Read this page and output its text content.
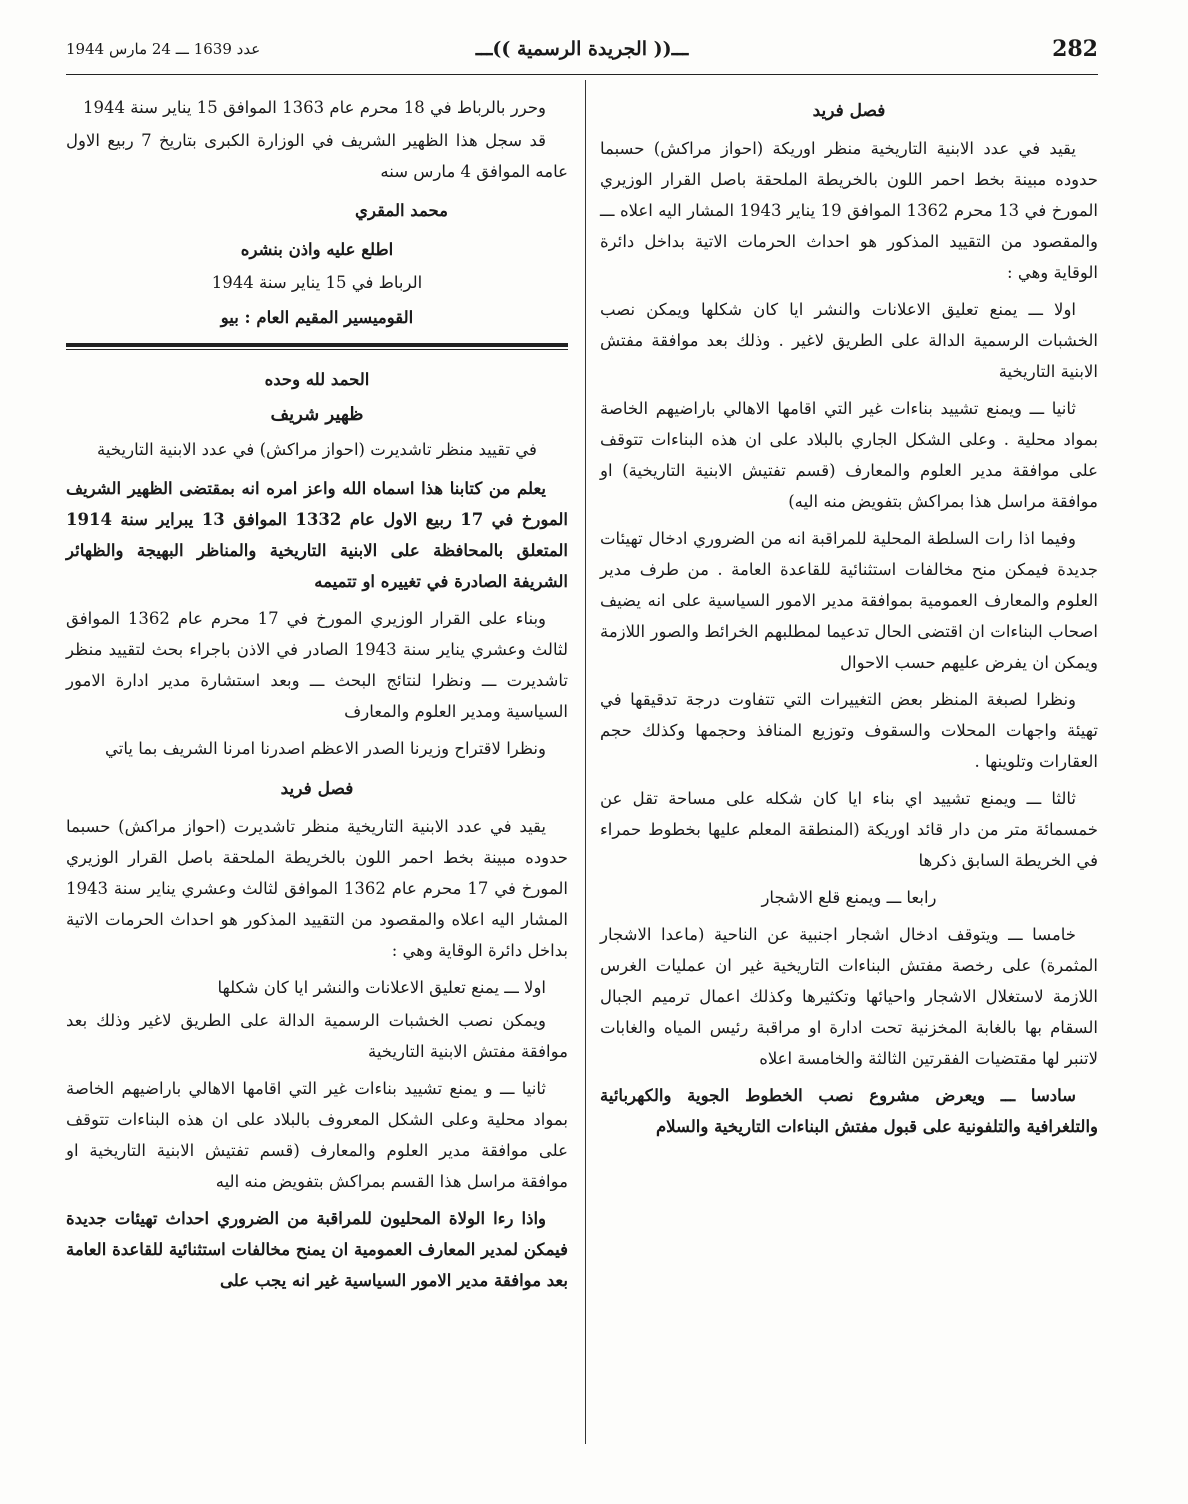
282
ـــ(( الجريدة الرسمية ))ـــ
عدد 1639 ـــ 24 مارس 1944
فصل فريد

يقيد في عدد الابنية التاريخية منظر اوريكة (احواز مراكش) حسبما حدوده مبينة بخط احمر اللون بالخريطة الملحقة باصل القرار الوزيري المورخ في 13 محرم 1362 الموافق 19 يناير 1943 المشار اليه اعلاه ـــ والمقصود من التقييد المذكور هو احداث الحرمات الاتية بداخل دائرة الوقاية وهي :

اولا ـــ يمنع تعليق الاعلانات والنشر ايا كان شكلها ويمكن نصب الخشبات الرسمية الدالة على الطريق لاغير . وذلك بعد موافقة مفتش الابنية التاريخية

ثانيا ـــ ويمنع تشييد بناءات غير التي اقامها الاهالي باراضيهم الخاصة بمواد محلية . وعلى الشكل الجاري بالبلاد على ان هذه البناءات تتوقف على موافقة مدير العلوم والمعارف (قسم تفتيش الابنية التاريخية) او موافقة مراسل هذا بمراكش بتفويض منه اليه)

وفيما اذا رات السلطة المحلية للمراقبة انه من الضروري ادخال تهيئات جديدة فيمكن منح مخالفات استثنائية للقاعدة العامة . من طرف مدير العلوم والمعارف العمومية بموافقة مدير الامور السياسية على انه يضيف اصحاب البناءات ان اقتضى الحال تدعيما لمطلبهم الخرائط والصور اللازمة ويمكن ان يفرض عليهم حسب الاحوال

ونظرا لصبغة المنظر بعض التغييرات التي تتفاوت درجة تدقيقها في تهيئة واجهات المحلات والسقوف وتوزيع المنافذ وحجمها وكذلك حجم العقارات وتلوينها .

ثالثا ـــ ويمنع تشييد اي بناء ايا كان شكله على مساحة تقل عن خمسمائة متر من دار قائد اوريكة (المنطقة المعلم عليها بخطوط حمراء في الخريطة السابق ذكرها

رابعا ـــ ويمنع قلع الاشجار

خامسا ـــ ويتوقف ادخال اشجار اجنبية عن الناحية (ماعدا الاشجار المثمرة) على رخصة مفتش البناءات التاريخية غير ان عمليات الغرس اللازمة لاستغلال الاشجار واحيائها وتكثيرها وكذلك اعمال ترميم الجبال السقام بها بالغابة المخزنية تحت ادارة او مراقبة رئيس المياه والغابات لاتنبر لها مقتضيات الفقرتين الثالثة والخامسة اعلاه

سادسا ـــ ويعرض مشروع نصب الخطوط الجوية والكهربائية والتلغرافية والتلفونية على قبول مفتش البناءات التاريخية والسلام

وحرر بالرباط في 18 محرم عام 1363 الموافق 15 يناير سنة 1944

قد سجل هذا الظهير الشريف في الوزارة الكبرى بتاريخ 7 ربيع الاول عامه الموافق 4 مارس سنه

محمد المقري

اطلع عليه واذن بنشره

الرباط في 15 يناير سنة 1944

القوميسير المقيم العام : بيو

الحمد لله وحده

ظهير شريف

في تقييد منظر تاشديرت (احواز مراكش) في عدد الابنية التاريخية

يعلم من كتابنا هذا اسماه الله واعز امره انه بمقتضى الظهير الشريف المورخ في 17 ربيع الاول عام 1332 الموافق 13 يبراير سنة 1914 المتعلق بالمحافظة على الابنية التاريخية والمناظر البهيجة والظهائر الشريفة الصادرة في تغييره او تتميمه

وبناء على القرار الوزيري المورخ في 17 محرم عام 1362 الموافق لثالث وعشري يناير سنة 1943 الصادر في الاذن باجراء بحث لتقييد منظر تاشديرت ـــ ونظرا لنتائج البحث ـــ وبعد استشارة مدير ادارة الامور السياسية ومدير العلوم والمعارف

ونظرا لاقتراح وزيرنا الصدر الاعظم اصدرنا امرنا الشريف بما ياتي

فصل فريد

يقيد في عدد الابنية التاريخية منظر تاشديرت (احواز مراكش) حسبما حدوده مبينة بخط احمر اللون بالخريطة الملحقة باصل القرار الوزيري المورخ في 17 محرم عام 1362 الموافق لثالث وعشري يناير سنة 1943 المشار اليه اعلاه والمقصود من التقييد المذكور هو احداث الحرمات الاتية بداخل دائرة الوقاية وهي :

اولا ـــ يمنع تعليق الاعلانات والنشر ايا كان شكلها

ويمكن نصب الخشبات الرسمية الدالة على الطريق لاغير وذلك بعد موافقة مفتش الابنية التاريخية

ثانيا ـــ و يمنع تشييد بناءات غير التي اقامها الاهالي باراضيهم الخاصة بمواد محلية وعلى الشكل المعروف بالبلاد على ان هذه البناءات تتوقف على موافقة مدير العلوم والمعارف (قسم تفتيش الابنية التاريخية او موافقة مراسل هذا القسم بمراكش بتفويض منه اليه

واذا رءا الولاة المحليون للمراقبة من الضروري احداث تهيئات جديدة فيمكن لمدير المعارف العمومية ان يمنح مخالفات استثنائية للقاعدة العامة بعد موافقة مدير الامور السياسية غير انه يجب على
